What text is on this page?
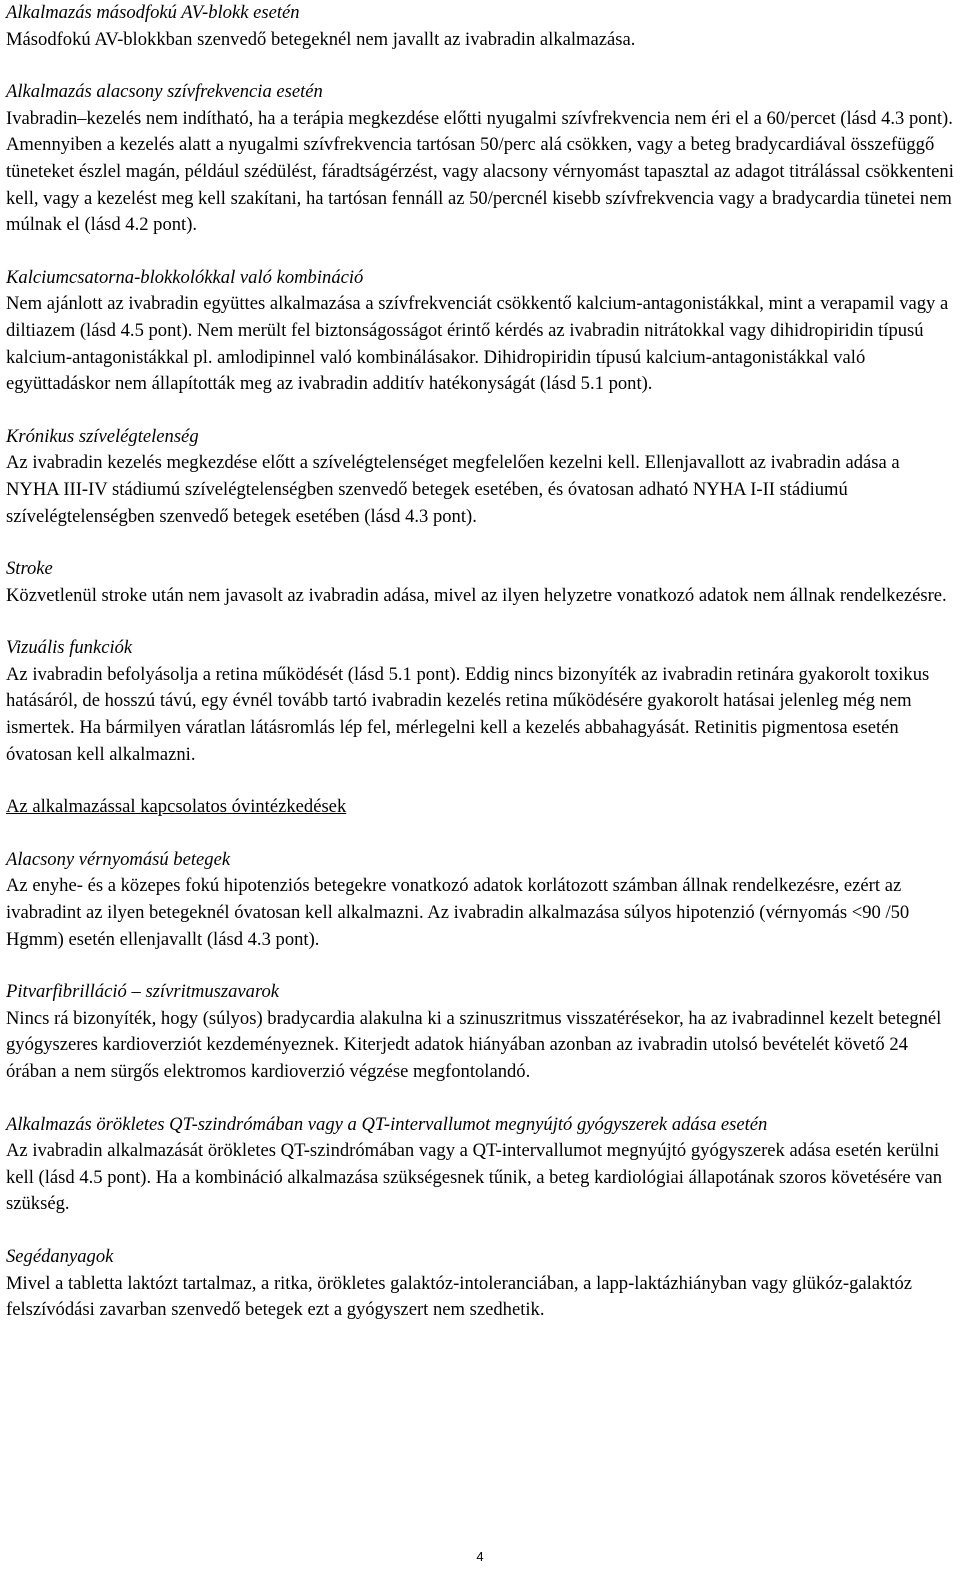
Alkalmazás másodfokú AV-blokk esetén

Másodfokú AV-blokkban szenvedő betegeknél nem javallt az ivabradin alkalmazása.

Alkalmazás alacsony szívfrekvencia esetén

Ivabradin–kezelés nem indítható, ha a terápia megkezdése előtti nyugalmi szívfrekvencia nem éri el a 60/percet (lásd 4.3 pont).

Amennyiben a kezelés alatt a nyugalmi szívfrekvencia tartósan 50/perc alá csökken, vagy a beteg bradycardiával összefüggő tüneteket észlel magán, például szédülést, fáradtságérzést, vagy alacsony vérnyomást tapasztal az adagot titrálással csökkenteni kell, vagy a kezelést meg kell szakítani, ha tartósan fennáll az 50/percnél kisebb szívfrekvencia vagy a bradycardia tünetei nem múlnak el (lásd 4.2 pont).

Kalciumcsatorna-blokkolókkal való kombináció

Nem ajánlott az ivabradin együttes alkalmazása a szívfrekvenciát csökkentő kalcium-antagonistákkal, mint a verapamil vagy a diltiazem (lásd 4.5 pont). Nem merült fel biztonságosságot érintő kérdés az ivabradin nitrátokkal vagy dihidropiridin típusú kalcium-antagonistákkal pl. amlodipinnel való kombinálásakor. Dihidropiridin típusú kalcium-antagonistákkal való együttadáskor nem állapították meg az ivabradin additív hatékonyságát (lásd 5.1 pont).

Krónikus szívelégtelenség

Az ivabradin kezelés megkezdése előtt a szívelégtelenséget megfelelően kezelni kell. Ellenjavallott az ivabradin adása a NYHA III-IV stádiumú szívelégtelenségben szenvedő betegek esetében, és óvatosan adható NYHA I-II stádiumú szívelégtelenségben szenvedő betegek esetében (lásd 4.3 pont).

Stroke

Közvetlenül stroke után nem javasolt az ivabradin adása, mivel az ilyen helyzetre vonatkozó adatok nem állnak rendelkezésre.

Vizuális funkciók

Az ivabradin befolyásolja a retina működését (lásd 5.1 pont). Eddig nincs bizonyíték az ivabradin retinára gyakorolt toxikus hatásáról, de hosszú távú, egy évnél tovább tartó ivabradin kezelés retina működésére gyakorolt hatásai jelenleg még nem ismertek. Ha bármilyen váratlan látásromlás lép fel, mérlegelni kell a kezelés abbahagyását. Retinitis pigmentosa esetén óvatosan kell alkalmazni.

Az alkalmazással kapcsolatos óvintézkedések

Alacsony vérnyomású betegek

Az enyhe- és a közepes fokú hipotenziós betegekre vonatkozó adatok korlátozott számban állnak rendelkezésre, ezért az ivabradint az ilyen betegeknél óvatosan kell alkalmazni. Az ivabradin alkalmazása súlyos hipotenzió (vérnyomás <90 /50 Hgmm) esetén ellenjavallt (lásd 4.3 pont).

Pitvarfibrilláció – szívritmuszavarok

Nincs rá bizonyíték, hogy (súlyos) bradycardia alakulna ki a szinuszritmus visszatérésekor, ha az ivabradinnel kezelt betegnél gyógyszeres kardioverziót kezdeményeznek. Kiterjedt adatok hiányában azonban az ivabradin utolsó bevételét követő 24 órában a nem sürgős elektromos kardioverzió végzése megfontolandó.

Alkalmazás örökletes QT-szindrómában vagy a QT-intervallumot megnyújtó gyógyszerek adása esetén

Az ivabradin alkalmazását örökletes QT-szindrómában vagy a QT-intervallumot megnyújtó gyógyszerek adása esetén kerülni kell (lásd 4.5 pont). Ha a kombináció alkalmazása szükségesnek tűnik, a beteg kardiológiai állapotának szoros követésére van szükség.

Segédanyagok

Mivel a tabletta laktózt tartalmaz, a ritka, örökletes galaktóz-intoleranciában, a lapp-laktázhiányban vagy glükóz-galaktóz felszívódási zavarban szenvedő betegek ezt a gyógyszert nem szedhetik.

4
